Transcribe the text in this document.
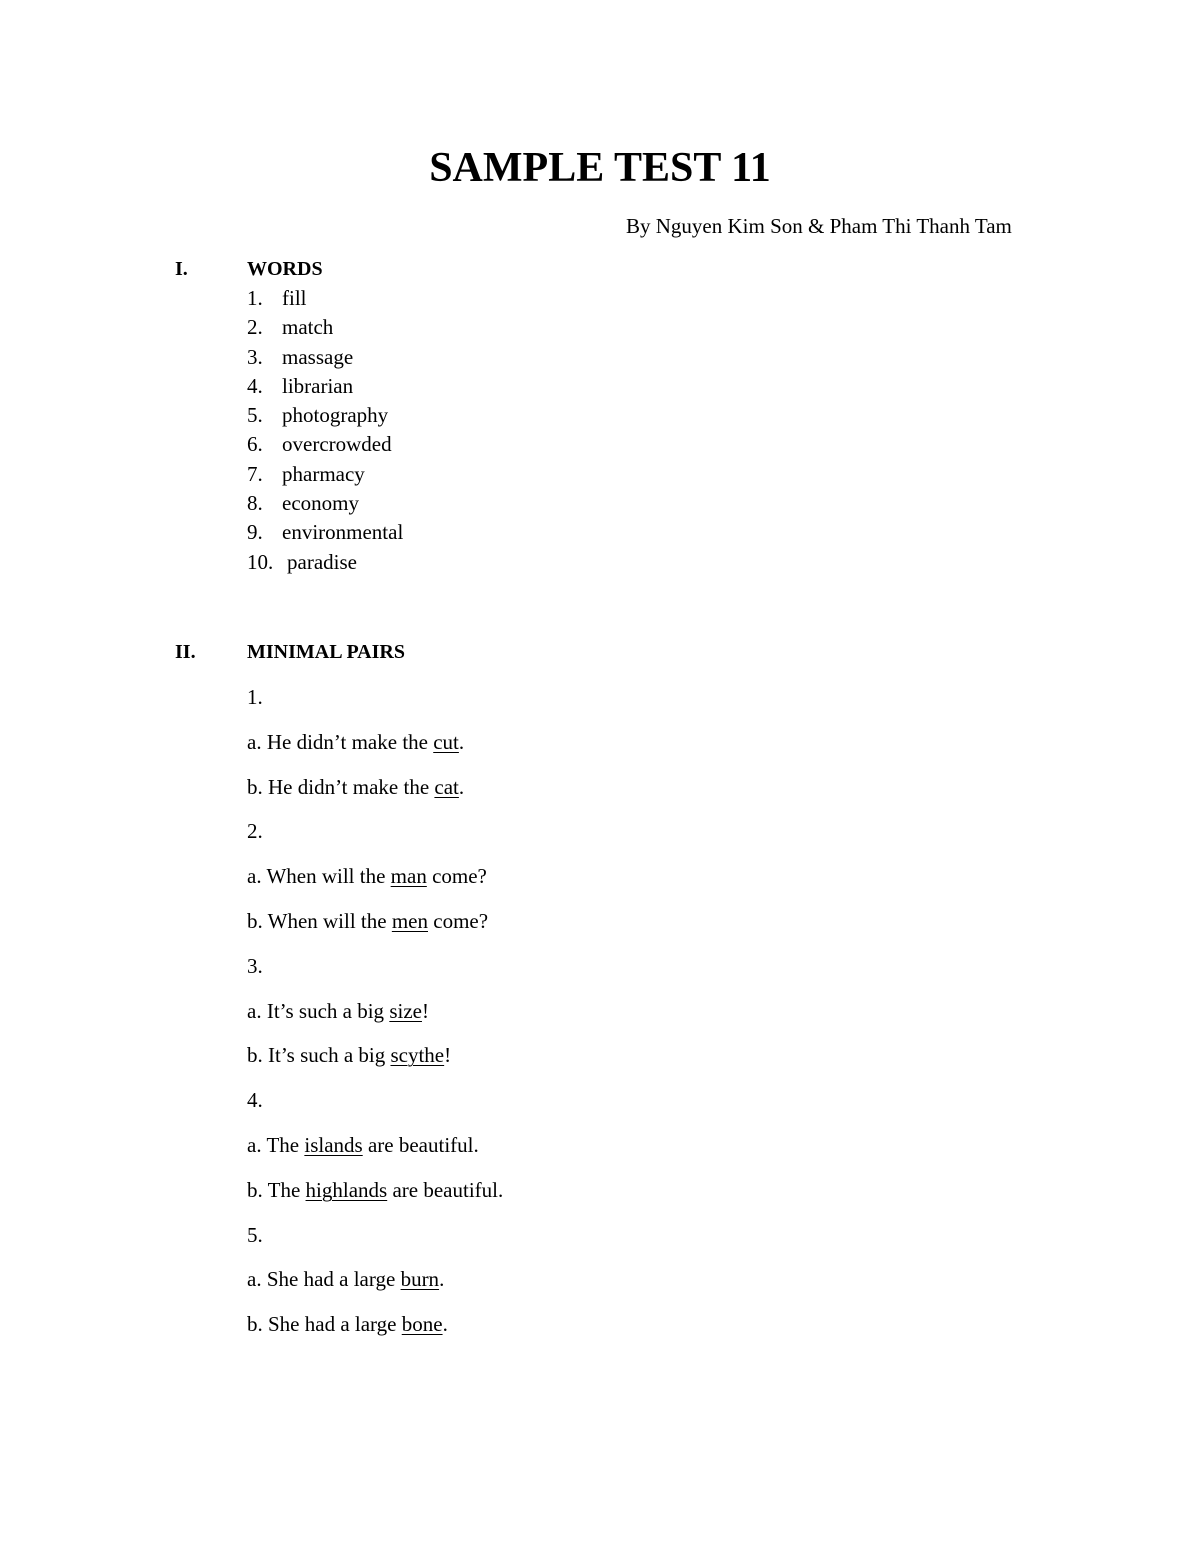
SAMPLE TEST 11
By Nguyen Kim Son & Pham Thi Thanh Tam
I.	WORDS
1. fill
2. match
3. massage
4. librarian
5. photography
6. overcrowded
7. pharmacy
8. economy
9. environmental
10. paradise
II.	MINIMAL PAIRS
1.
a. He didn’t make the cut.
b. He didn’t make the cat.
2.
a. When will the man come?
b. When will the men come?
3.
a. It’s such a big size!
b. It’s such a big scythe!
4.
a. The islands are beautiful.
b. The highlands are beautiful.
5.
a. She had a large burn.
b. She had a large bone.
